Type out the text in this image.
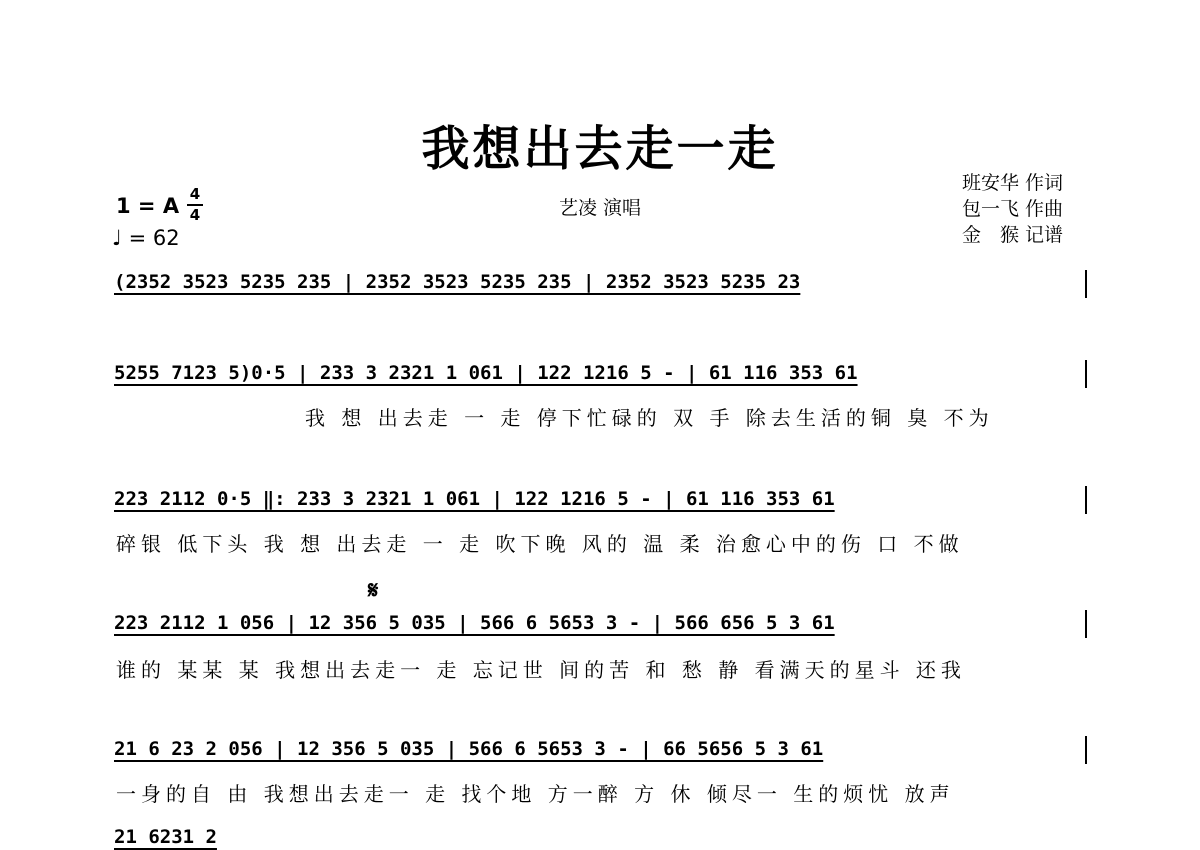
我想出去走一走
艺凌 演唱
班安华 作词
包一飞 作曲
金　猴 记谱
1 = A 4
4
♩ = 62
(2352 3523 5235 235 | 2352 3523 5235 235 | 2352 3523 5235 23
5255 7123 5)0·5 | 233 3 2321 1 061 | 122 1216 5 - | 61 116 353 61
我 想 出去走 一 走 停下忙碌的 双 手 除去生活的铜 臭 不为
223 2112 0·5 ‖: 233 3 2321 1 061 | 122 1216 5 - | 61 116 353 61
碎银 低下头 我 想 出去走 一 走 吹下晚 风的 温 柔 治愈心中的伤 口 不做
𝄋
223 2112 1 056 | 12 356 5 035 | 566 6 5653 3 - | 566 656 5 3 61
谁的 某某 某 我想出去走一 走 忘记世 间的苦 和 愁 静 看满天的星斗 还我
21 6 23 2 056 | 12 356 5 035 | 566 6 5653 3 - | 66 5656 5 3 61
一身的自 由 我想出去走一 走 找个地 方一醉 方 休 倾尽一 生的烦忧 放声
21 6231 2
